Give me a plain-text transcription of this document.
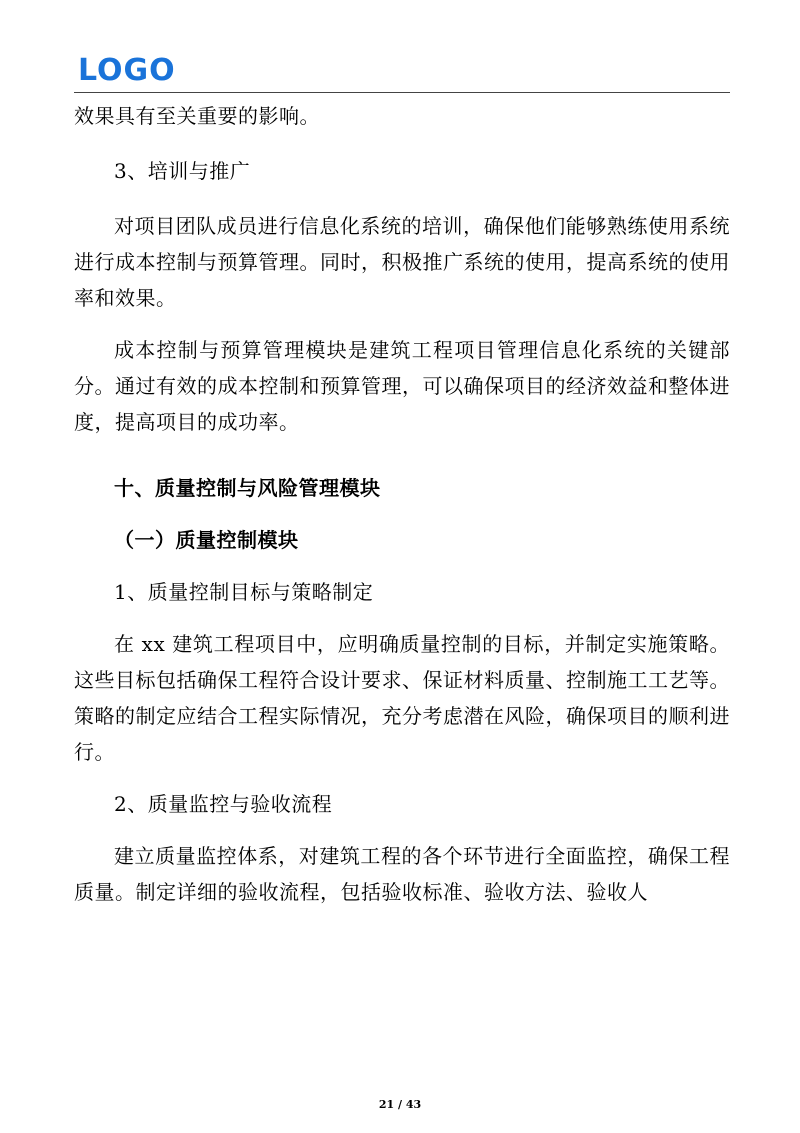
LOGO

效果具有至关重要的影响。

3、培训与推广

对项目团队成员进行信息化系统的培训，确保他们能够熟练使用系统进行成本控制与预算管理。同时，积极推广系统的使用，提高系统的使用率和效果。

成本控制与预算管理模块是建筑工程项目管理信息化系统的关键部分。通过有效的成本控制和预算管理，可以确保项目的经济效益和整体进度，提高项目的成功率。

十、质量控制与风险管理模块

（一）质量控制模块

1、质量控制目标与策略制定

在 xx 建筑工程项目中，应明确质量控制的目标，并制定实施策略。这些目标包括确保工程符合设计要求、保证材料质量、控制施工工艺等。策略的制定应结合工程实际情况，充分考虑潜在风险，确保项目的顺利进行。

2、质量监控与验收流程

建立质量监控体系，对建筑工程的各个环节进行全面监控，确保工程质量。制定详细的验收流程，包括验收标准、验收方法、验收人

21 / 43
